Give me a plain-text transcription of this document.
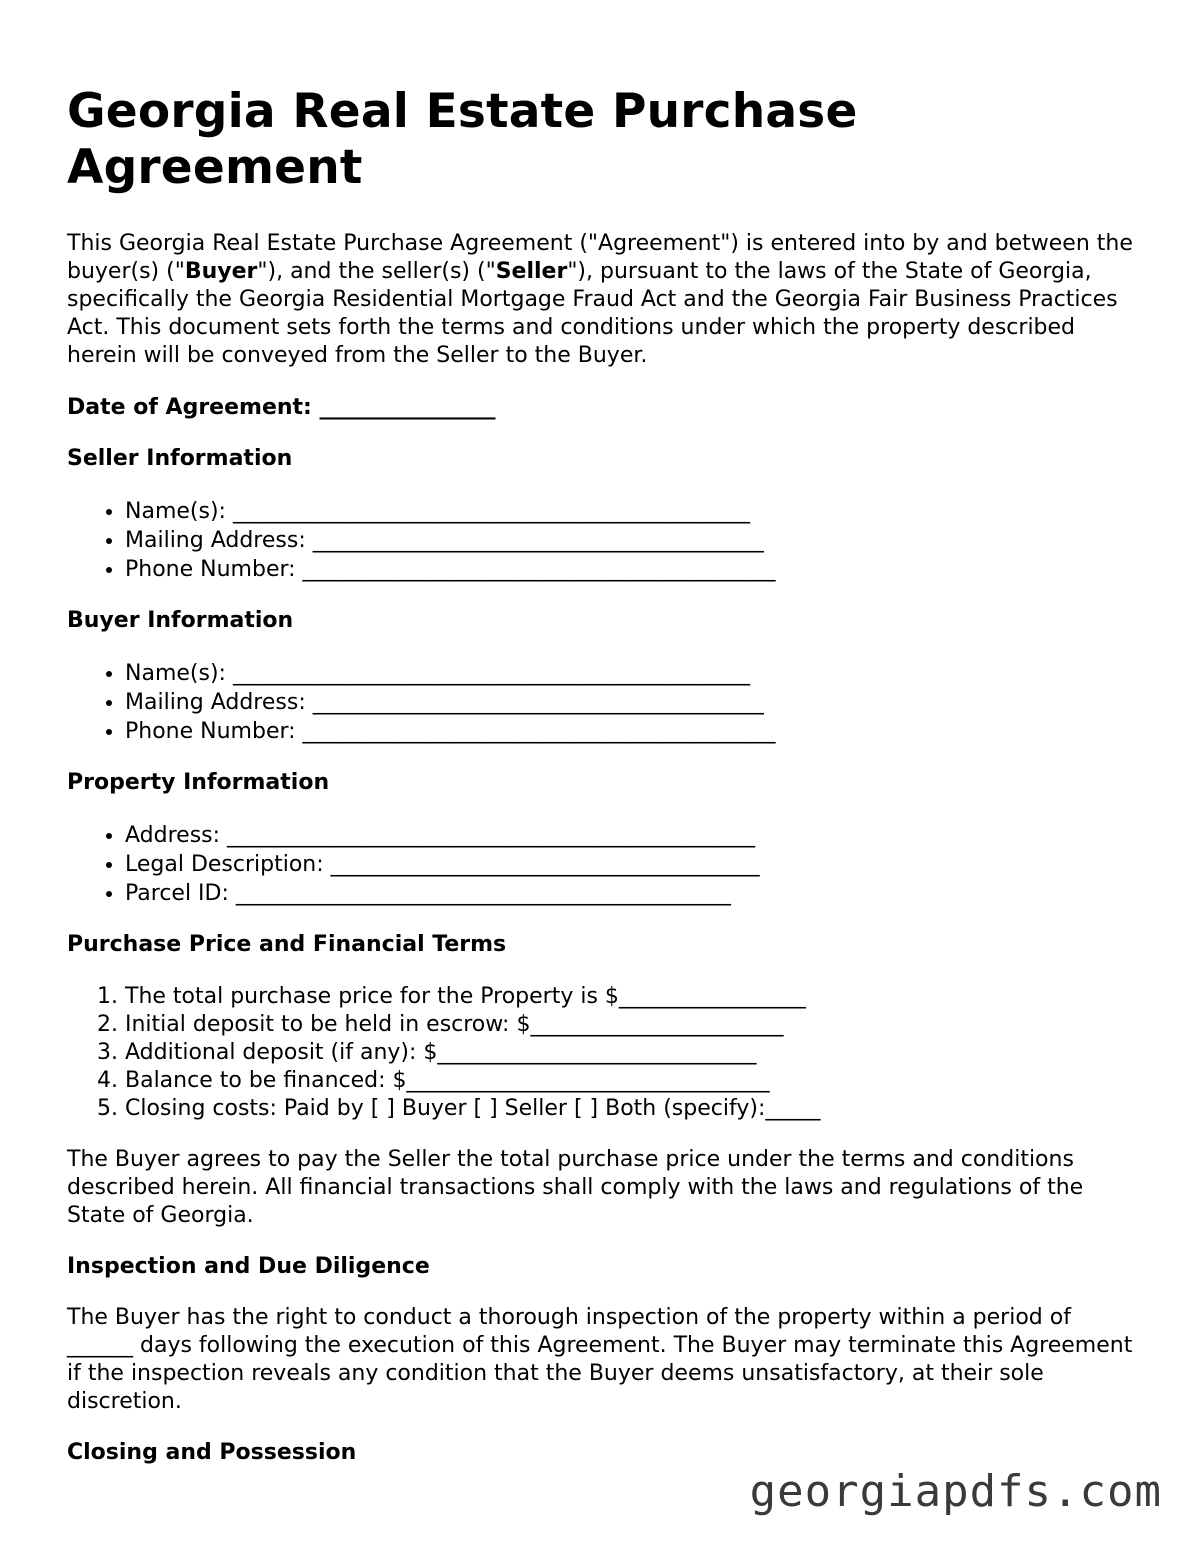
Georgia Real Estate Purchase Agreement

This Georgia Real Estate Purchase Agreement ("Agreement") is entered into by and between the buyer(s) ("Buyer"), and the seller(s) ("Seller"), pursuant to the laws of the State of Georgia, specifically the Georgia Residential Mortgage Fraud Act and the Georgia Fair Business Practices Act. This document sets forth the terms and conditions under which the property described herein will be conveyed from the Seller to the Buyer.

Date of Agreement: ________________

Seller Information

• Name(s): _______________________________________________
• Mailing Address: _________________________________________
• Phone Number: ___________________________________________

Buyer Information

• Name(s): _______________________________________________
• Mailing Address: _________________________________________
• Phone Number: ___________________________________________

Property Information

• Address: ________________________________________________
• Legal Description: _______________________________________
• Parcel ID: _____________________________________________

Purchase Price and Financial Terms

1. The total purchase price for the Property is $_________________
2. Initial deposit to be held in escrow: $_______________________
3. Additional deposit (if any): $_____________________________
4. Balance to be financed: $_________________________________
5. Closing costs: Paid by [ ] Buyer [ ] Seller [ ] Both (specify):_____

The Buyer agrees to pay the Seller the total purchase price under the terms and conditions described herein. All financial transactions shall comply with the laws and regulations of the State of Georgia.

Inspection and Due Diligence

The Buyer has the right to conduct a thorough inspection of the property within a period of ______ days following the execution of this Agreement. The Buyer may terminate this Agreement if the inspection reveals any condition that the Buyer deems unsatisfactory, at their sole discretion.

Closing and Possession

georgiapdfs.com
